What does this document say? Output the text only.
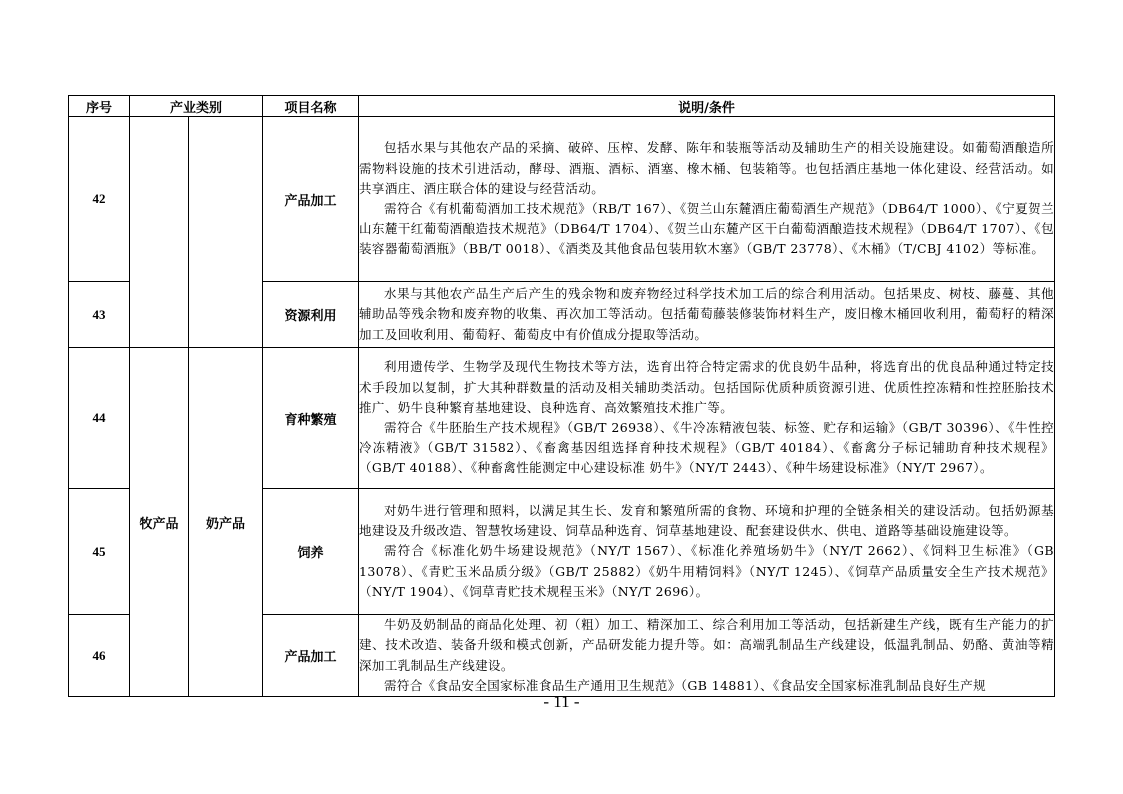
序号	产业类别		项目名称	说明/条件
42			产品加工	包括水果与其他农产品的采摘、破碎、压榨、发酵、陈年和装瓶等活动及辅助生产的相关设施建设。如葡萄酒酿造所需物料设施的技术引进活动，酵母、酒瓶、酒标、酒塞、橡木桶、包装箱等。也包括酒庄基地一体化建设、经营活动。如共享酒庄、酒庄联合体的建设与经营活动。

需符合《有机葡萄酒加工技术规范》（RB/T 167）、《贺兰山东麓酒庄葡萄酒生产规范》（DB64/T 1000）、《宁夏贺兰山东麓干红葡萄酒酿造技术规范》（DB64/T 1704）、《贺兰山东麓产区干白葡萄酒酿造技术规程》（DB64/T 1707）、《包装容器葡萄酒瓶》（BB/T 0018）、《酒类及其他食品包装用软木塞》（GB/T 23778）、《木桶》（T/CBJ 4102）等标准。

43			资源利用	水果与其他农产品生产后产生的残余物和废弃物经过科学技术加工后的综合利用活动。包括果皮、树枝、藤蔓、其他辅助品等残余物和废弃物的收集、再次加工等活动。包括葡萄藤装修装饰材料生产，废旧橡木桶回收利用，葡萄籽的精深加工及回收利用、葡萄籽、葡萄皮中有价值成分提取等活动。

44	牧产品	奶产品	育种繁殖	利用遗传学、生物学及现代生物技术等方法，选育出符合特定需求的优良奶牛品种，将选育出的优良品种通过特定技术手段加以复制，扩大其种群数量的活动及相关辅助类活动。包括国际优质种质资源引进、优质性控冻精和性控胚胎技术推广、奶牛良种繁育基地建设、良种选育、高效繁殖技术推广等。

需符合《牛胚胎生产技术规程》（GB/T 26938）、《牛冷冻精液包装、标签、贮存和运输》（GB/T 30396）、《牛性控冷冻精液》（GB/T 31582）、《畜禽基因组选择育种技术规程》（GB/T 40184）、《畜禽分子标记辅助育种技术规程》（GB/T 40188）、《种畜禽性能测定中心建设标准 奶牛》（NY/T 2443）、《种牛场建设标准》（NY/T 2967）。

45			饲养	对奶牛进行管理和照料，以满足其生长、发育和繁殖所需的食物、环境和护理的全链条相关的建设活动。包括奶源基地建设及升级改造、智慧牧场建设、饲草品种选育、饲草基地建设、配套建设供水、供电、道路等基础设施建设等。

需符合《标准化奶牛场建设规范》（NY/T 1567）、《标准化养殖场奶牛》（NY/T 2662）、《饲料卫生标准》（GB 13078）、《青贮玉米品质分级》（GB/T 25882）《奶牛用精饲料》（NY/T 1245）、《饲草产品质量安全生产技术规范》（NY/T 1904）、《饲草青贮技术规程玉米》（NY/T 2696）。

46			产品加工	牛奶及奶制品的商品化处理、初（粗）加工、精深加工、综合利用加工等活动，包括新建生产线，既有生产能力的扩建、技术改造、装备升级和模式创新，产品研发能力提升等。如：高端乳制品生产线建设，低温乳制品、奶酪、黄油等精深加工乳制品生产线建设。

需符合《食品安全国家标准食品生产通用卫生规范》（GB 14881）、《食品安全国家标准乳制品良好生产规

- 11 -
